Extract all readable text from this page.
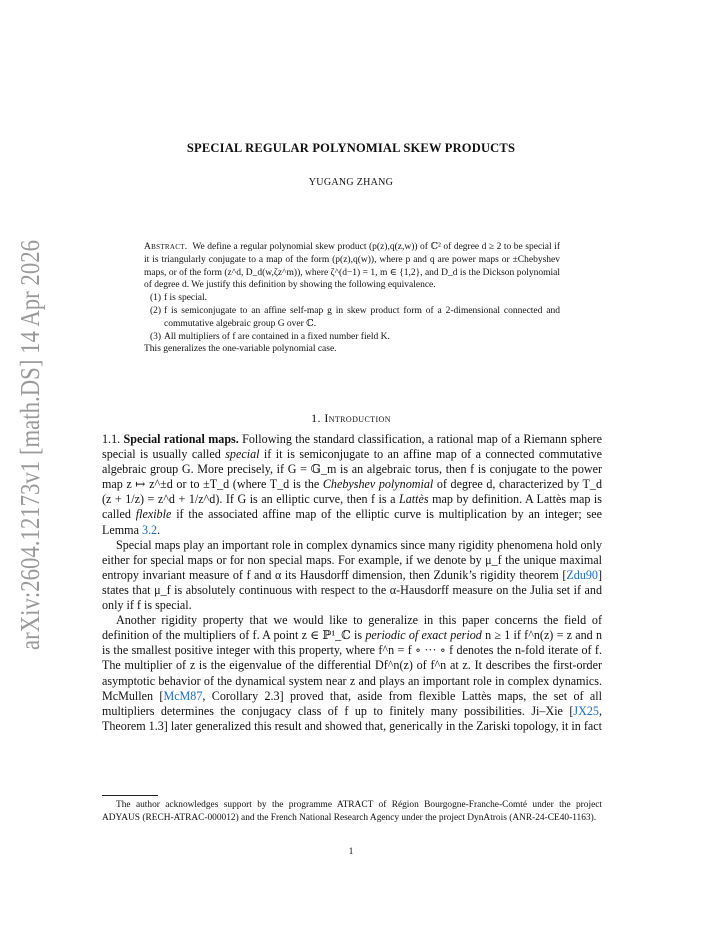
arXiv:2604.12173v1 [math.DS] 14 Apr 2026
SPECIAL REGULAR POLYNOMIAL SKEW PRODUCTS
YUGANG ZHANG

Abstract. We define a regular polynomial skew product (p(z),q(z,w)) of ℂ² of degree d ≥ 2 to be special if it is triangularly conjugate to a map of the form (p(z),q(w)), where p and q are power maps or ±Chebyshev maps, or of the form (z^d, D_d(w,ζz^m)), where ζ^(d−1) = 1, m ∈ {1,2}, and D_d is the Dickson polynomial of degree d. We justify this definition by showing the following equivalence.

(1) f is special.
(2) f is semiconjugate to an affine self-map g in skew product form of a 2-dimensional connected and commutative algebraic group G over ℂ.
(3) All multipliers of f are contained in a fixed number field K.

This generalizes the one-variable polynomial case.

1. Introduction

1.1. Special rational maps. Following the standard classification, a rational map of a Riemann sphere special is usually called special if it is semiconjugate to an affine map of a connected commutative algebraic group G. More precisely, if G = 𝔾_m is an algebraic torus, then f is conjugate to the power map z ↦ z^±d or to ±T_d (where T_d is the Chebyshev polynomial of degree d, characterized by T_d (z + 1/z) = z^d + 1/z^d). If G is an elliptic curve, then f is a Lattès map by definition. A Lattès map is called flexible if the associated affine map of the elliptic curve is multiplication by an integer; see Lemma 3.2.

Special maps play an important role in complex dynamics since many rigidity phenomena hold only either for special maps or for non special maps. For example, if we denote by μ_f the unique maximal entropy invariant measure of f and α its Hausdorff dimension, then Zdunik’s rigidity theorem [Zdu90] states that μ_f is absolutely continuous with respect to the α-Hausdorff measure on the Julia set if and only if f is special.

Another rigidity property that we would like to generalize in this paper concerns the field of definition of the multipliers of f. A point z ∈ ℙ¹_ℂ is periodic of exact period n ≥ 1 if f^n(z) = z and n is the smallest positive integer with this property, where f^n = f ∘ ··· ∘ f denotes the n-fold iterate of f. The multiplier of z is the eigenvalue of the differential Df^n(z) of f^n at z. It describes the first-order asymptotic behavior of the dynamical system near z and plays an important role in complex dynamics. McMullen [McM87, Corollary 2.3] proved that, aside from flexible Lattès maps, the set of all multipliers determines the conjugacy class of f up to finitely many possibilities. Ji–Xie [JX25, Theorem 1.3] later generalized this result and showed that, generically in the Zariski topology, it in fact

The author acknowledges support by the programme ATRACT of Région Bourgogne-Franche-Comté under the project ADYAUS (RECH-ATRAC-000012) and the French National Research Agency under the project DynAtrois (ANR-24-CE40-1163).
1
